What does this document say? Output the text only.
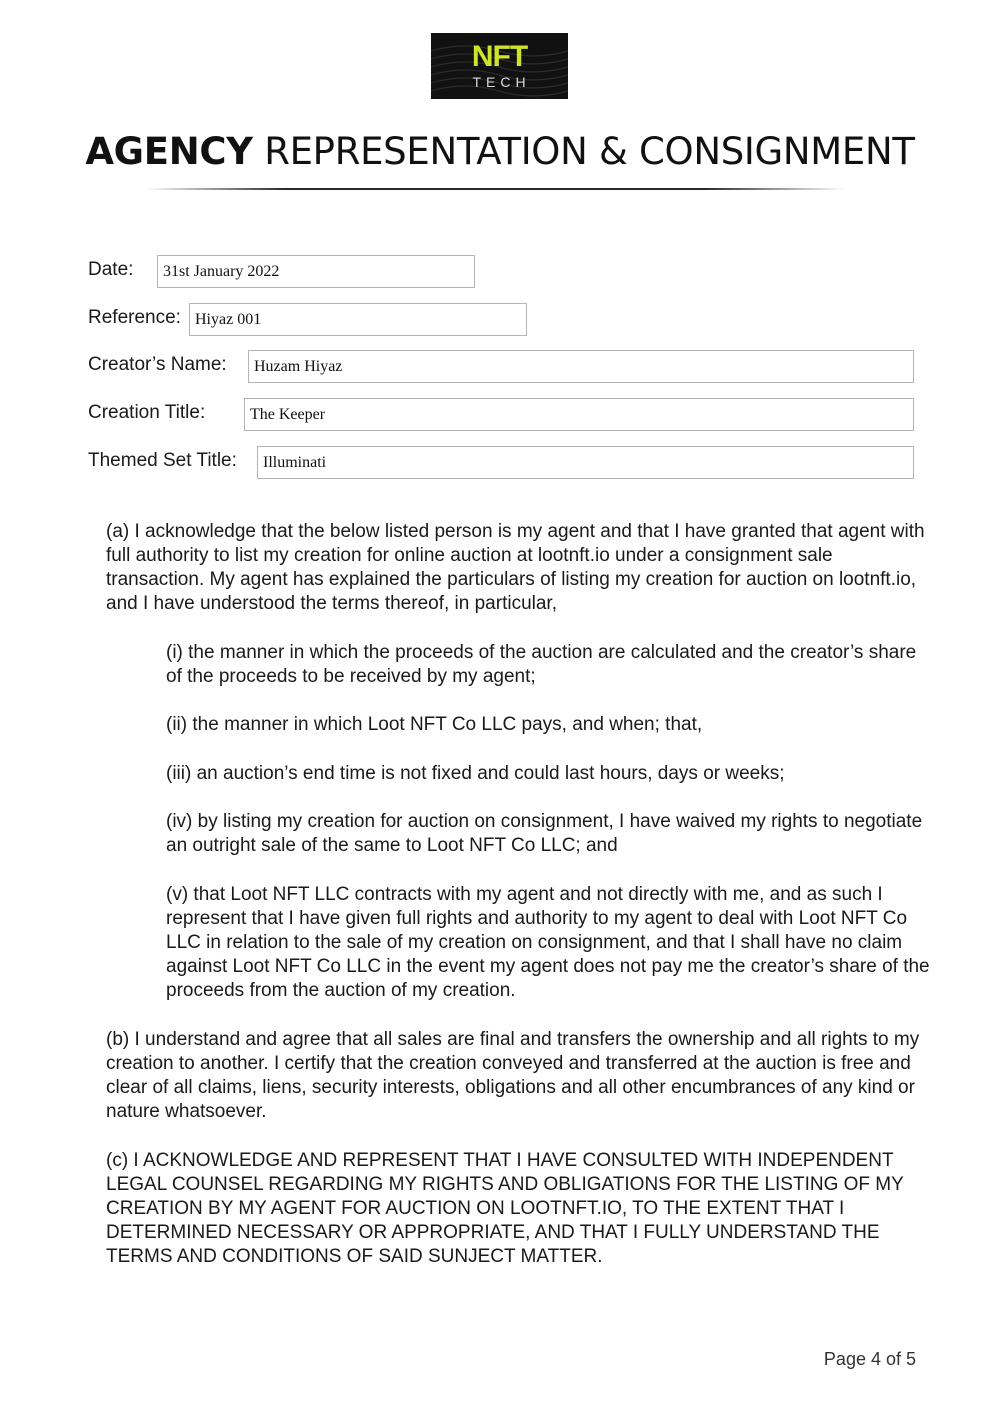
NFT
TECH
AGENCY REPRESENTATION & CONSIGNMENT
Date:	31st January 2022
Reference: Hiyaz 001
Creator’s Name:	Huzam Hiyaz
Creation Title:	The Keeper
Themed Set Title:	Illuminati

(a) I acknowledge that the below listed person is my agent and that I have granted that agent with full authority to list my creation for online auction at lootnft.io under a consignment sale transaction. My agent has explained the particulars of listing my creation for auction on lootnft.io, and I have understood the terms thereof, in particular,

(i) the manner in which the proceeds of the auction are calculated and the creator’s share of the proceeds to be received by my agent;

(ii) the manner in which Loot NFT Co LLC pays, and when; that,

(iii) an auction’s end time is not fixed and could last hours, days or weeks;

(iv) by listing my creation for auction on consignment, I have waived my rights to negotiate an outright sale of the same to Loot NFT Co LLC; and

(v) that Loot NFT LLC contracts with my agent and not directly with me, and as such I represent that I have given full rights and authority to my agent to deal with Loot NFT Co LLC in relation to the sale of my creation on consignment, and that I shall have no claim against Loot NFT Co LLC in the event my agent does not pay me the creator’s share of the proceeds from the auction of my creation.

(b) I understand and agree that all sales are final and transfers the ownership and all rights to my creation to another. I certify that the creation conveyed and transferred at the auction is free and clear of all claims, liens, security interests, obligations and all other encumbrances of any kind or nature whatsoever.

(c) I ACKNOWLEDGE AND REPRESENT THAT I HAVE CONSULTED WITH INDEPENDENT LEGAL COUNSEL REGARDING MY RIGHTS AND OBLIGATIONS FOR THE LISTING OF MY CREATION BY MY AGENT FOR AUCTION ON LOOTNFT.IO, TO THE EXTENT THAT I DETERMINED NECESSARY OR APPROPRIATE, AND THAT I FULLY UNDERSTAND THE TERMS AND CONDITIONS OF SAID SUNJECT MATTER.

Page 4 of 5
